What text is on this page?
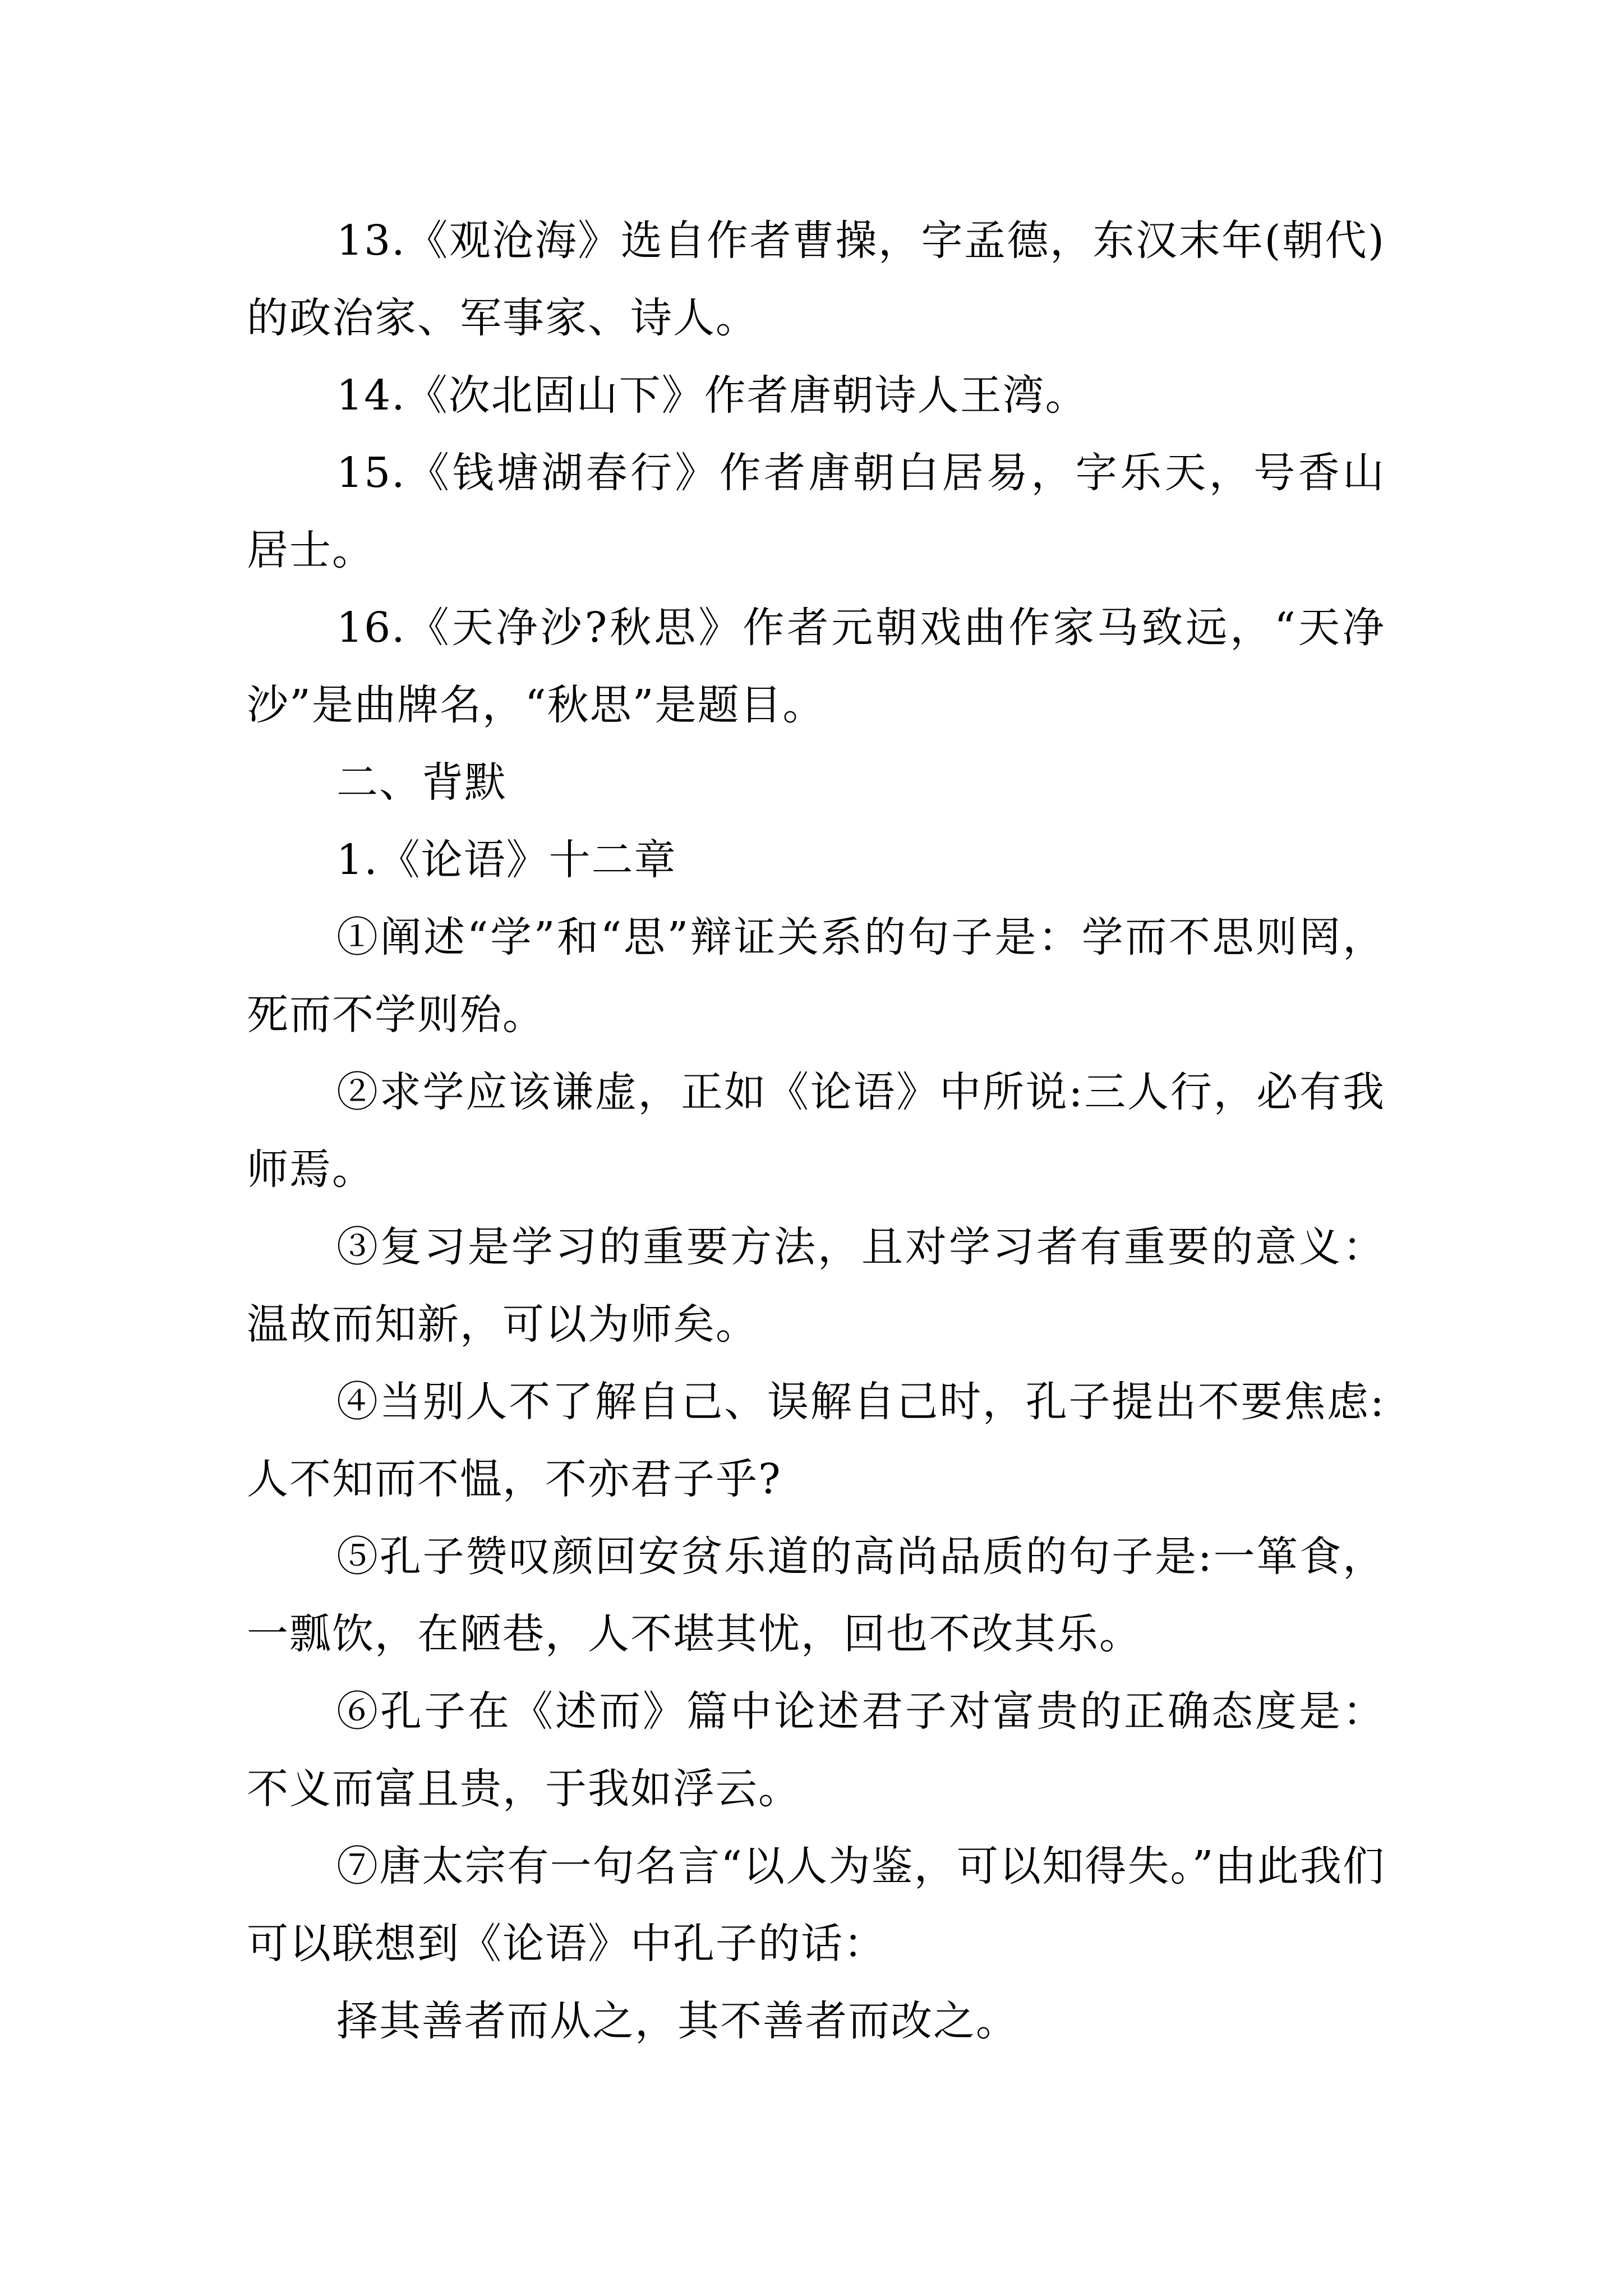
13.《观沧海》选自作者曹操，字孟德，东汉末年(朝代)的政治家、军事家、诗人。

14.《次北固山下》作者唐朝诗人王湾。

15.《钱塘湖春行》作者唐朝白居易，字乐天，号香山居士。

16.《天净沙?秋思》作者元朝戏曲作家马致远，“天净沙”是曲牌名，“秋思”是题目。

二、背默

1.《论语》十二章

①阐述“学”和“思”辩证关系的句子是：学而不思则罔，死而不学则殆。

②求学应该谦虚，正如《论语》中所说:三人行，必有我师焉。

③复习是学习的重要方法，且对学习者有重要的意义：温故而知新，可以为师矣。

④当别人不了解自己、误解自己时，孔子提出不要焦虑:人不知而不愠，不亦君子乎?

⑤孔子赞叹颜回安贫乐道的高尚品质的句子是:一箪食，一瓢饮，在陋巷，人不堪其忧，回也不改其乐。

⑥孔子在《述而》篇中论述君子对富贵的正确态度是：不义而富且贵，于我如浮云。

⑦唐太宗有一句名言“以人为鉴，可以知得失。”由此我们可以联想到《论语》中孔子的话：

择其善者而从之，其不善者而改之。
